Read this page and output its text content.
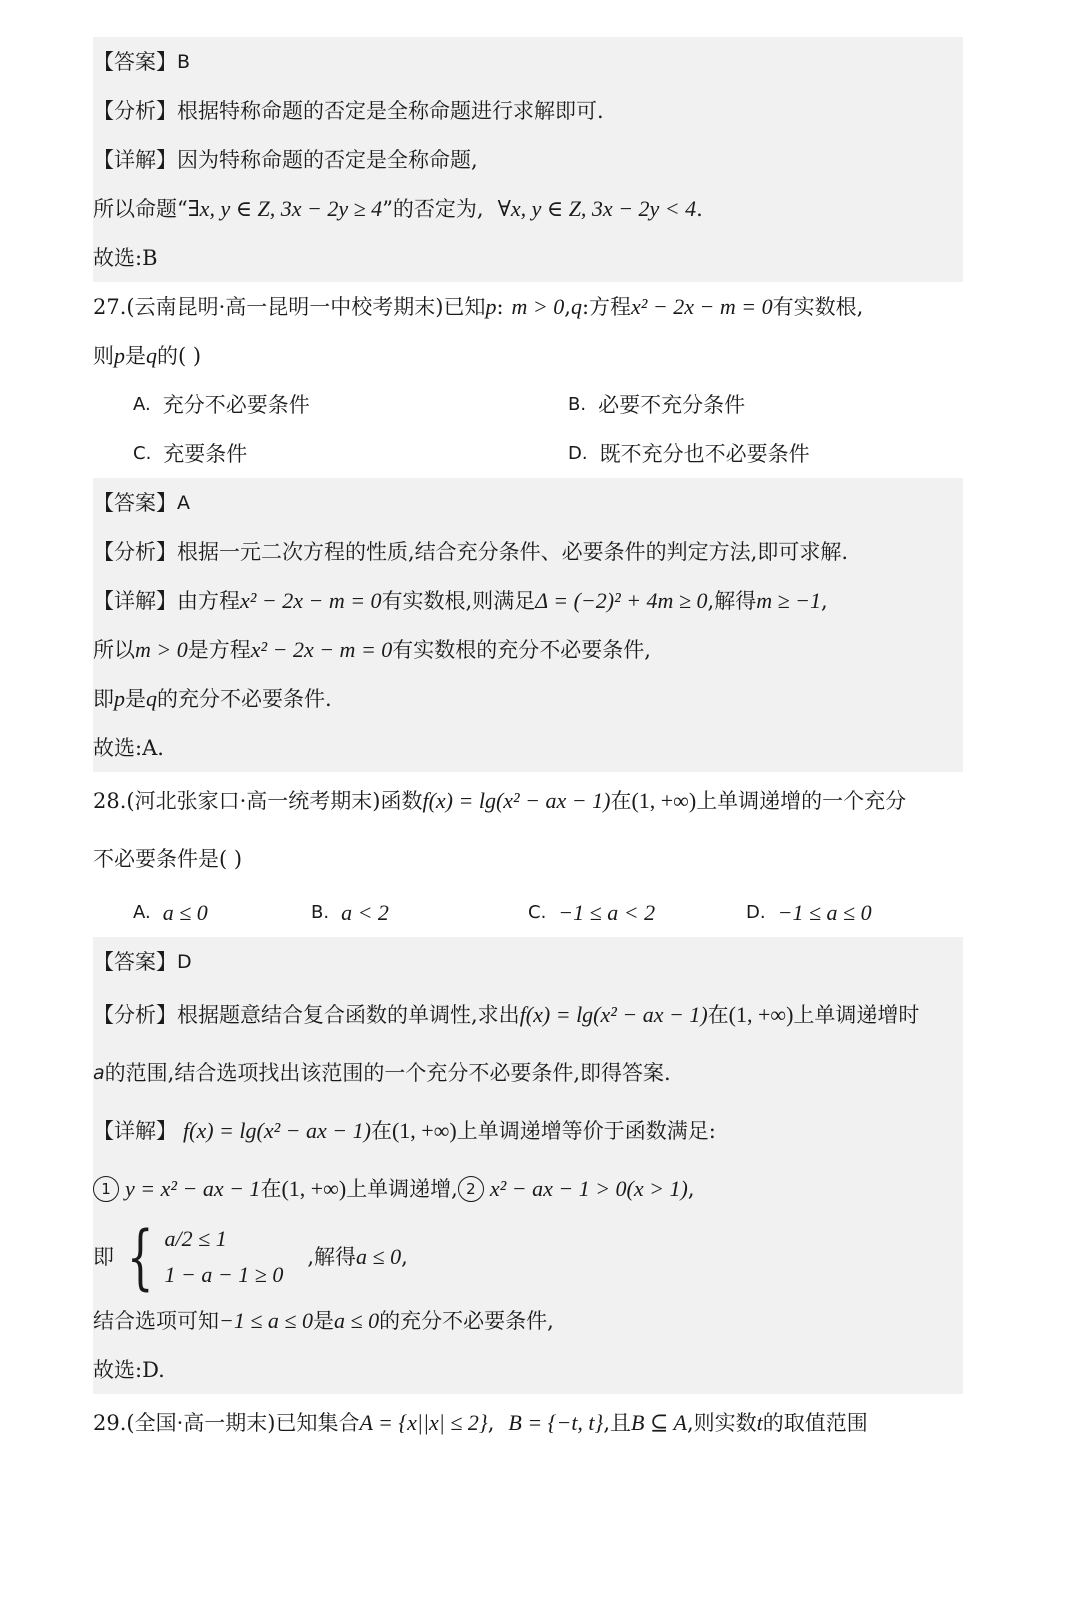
【答案】 B
【分析】 根据特称命题的否定是全称命题进行求解即可.
【详解】 因为特称命题的否定是全称命题,
所以命题“ ∃x, y ∈ Z, 3x − 2y ≥ 4 ”的否定为, ∀x, y ∈ Z, 3x − 2y < 4 .
故选:B
27.(云南昆明·高一昆明一中校考期末)已知 p : m > 0 , q :方程 x² − 2x − m = 0 有实数根,
则 p 是 q 的( )
A. 充分不必要条件	B. 必要不充分条件
C. 充要条件	D. 既不充分也不必要条件
【答案】 A
【分析】 根据一元二次方程的性质,结合充分条件、必要条件的判定方法,即可求解.
【详解】 由方程 x² − 2x − m = 0 有实数根,则满足 Δ = (−2)² + 4m ≥ 0 ,解得 m ≥ −1 ,
所以 m > 0 是方程 x² − 2x − m = 0 有实数根的充分不必要条件,
即 p 是 q 的充分不必要条件.
故选:A.
28.(河北张家口·高一统考期末)函数 f(x) = lg(x² − ax − 1) 在 (1, +∞) 上单调递增的一个充分
不必要条件是( )
A. a ≤ 0	B. a < 2	C. −1 ≤ a < 2	D. −1 ≤ a ≤ 0
【答案】 D
【分析】 根据题意结合复合函数的单调性,求出 f(x) = lg(x² − ax − 1) 在 (1, +∞) 上单调递增时
a 的范围,结合选项找出该范围的一个充分不必要条件,即得答案.
【详解】 f(x) = lg(x² − ax − 1) 在 (1, +∞) 上单调递增等价于函数满足:
1 y = x² − ax − 1 在 (1, +∞) 上单调递增, 2 x² − ax − 1 > 0(x > 1) ,
即 { a/2 ≤ 1
1 − a − 1 ≥ 0
,解得 a ≤ 0 ,
结合选项可知 −1 ≤ a ≤ 0 是 a ≤ 0 的充分不必要条件,
故选:D.
29.(全国·高一期末)已知集合 A = {x||x| ≤ 2} , B = {−t, t} ,且 B ⊆ A ,则实数 t 的取值范围
